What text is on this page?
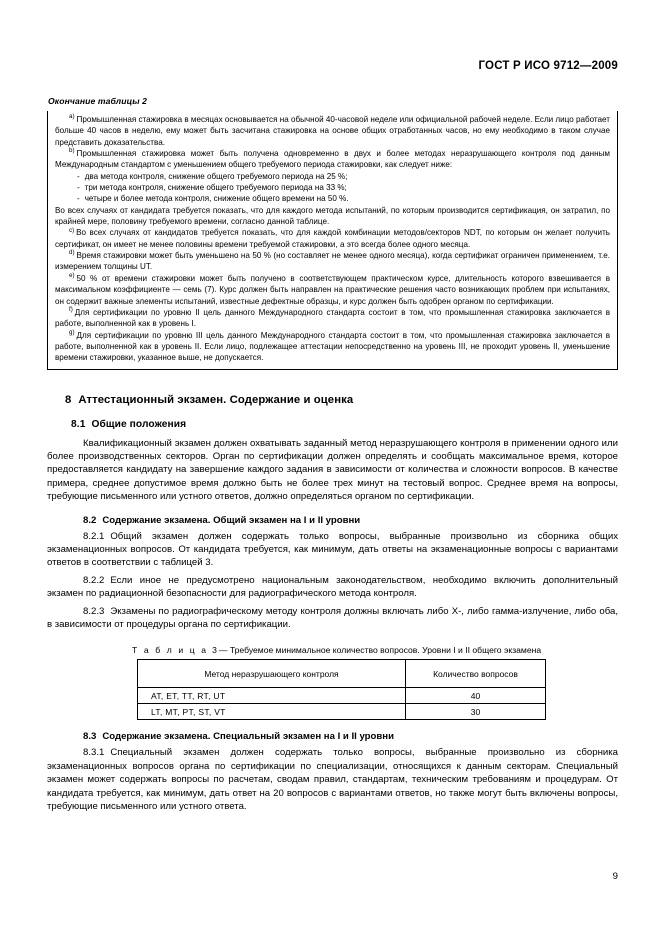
ГОСТ Р ИСО 9712—2009
Окончание таблицы 2

$^{a)}$ Промышленная стажировка в месяцах основывается на обычной 40-часовой неделе или официальной рабочей неделе. Если лицо работает больше 40 часов в неделю, ему может быть засчитана стажировка на основе общих отработанных часов, но ему необходимо в таком случае представить доказательства.

$^{b)}$ Промышленная стажировка может быть получена одновременно в двух и более методах неразрушающего контроля под данным Международным стандартом с уменьшением общего требуемого периода стажировки, как следует ниже:

- два метода контроля, снижение общего требуемого периода на 25 %;
- три метода контроля, снижение общего требуемого периода на 33 %;
- четыре и более метода контроля, снижение общего времени на 50 %.

Во всех случаях от кандидата требуется показать, что для каждого метода испытаний, по которым производится сертификация, он затратил, по крайней мере, половину требуемого времени, согласно данной таблице.

$^{c)}$ Во всех случаях от кандидатов требуется показать, что для каждой комбинации методов/секторов NDT, по которым он желает получить сертификат, он имеет не менее половины времени требуемой стажировки, а это всегда более одного месяца.

$^{d)}$ Время стажировки может быть уменьшено на 50 % (но составляет не менее одного месяца), когда сертификат ограничен применением, т.е. измерением толщины UT.

$^{e)}$ 50 % от времени стажировки может быть получено в соответствующем практическом курсе, длительность которого взвешивается в максимальном коэффициенте — семь (7). Курс должен быть направлен на практические решения часто возникающих проблем при испытаниях, он содержит важные элементы испытаний, известные дефектные образцы, и курс должен быть одобрен органом по сертификации.

$^{f)}$ Для сертификации по уровню II цель данного Международного стандарта состоит в том, что промышленная стажировка заключается в работе, выполненной как в уровень I.

$^{g)}$ Для сертификации по уровню III цель данного Международного стандарта состоит в том, что промышленная стажировка заключается в работе, выполненной как в уровень II. Если лицо, подлежащее аттестации непосредственно на уровень III, не проходит уровень II, уменьшение времени стажировки, указанное выше, не допускается.

8 Аттестационный экзамен. Содержание и оценка
8.1 Общие положения

Квалификационный экзамен должен охватывать заданный метод неразрушающего контроля в применении одного или более производственных секторов. Орган по сертификации должен определять и сообщать максимальное время, которое предоставляется кандидату на завершение каждого задания в зависимости от количества и сложности вопросов. В качестве примера, среднее допустимое время должно быть не более трех минут на тестовый вопрос. Среднее время на вопросы, требующие письменного или устного ответов, должно определяться органом по сертификации.

8.2 Содержание экзамена. Общий экзамен на I и II уровни

8.2.1 Общий экзамен должен содержать только вопросы, выбранные произвольно из сборника общих экзаменационных вопросов. От кандидата требуется, как минимум, дать ответы на экзаменационные вопросы с вариантами ответов в соответствии с таблицей 3.

8.2.2 Если иное не предусмотрено национальным законодательством, необходимо включить дополнительный экзамен по радиационной безопасности для радиографического метода контроля.

8.2.3 Экзамены по радиографическому методу контроля должны включать либо X-, либо гамма-излучение, либо оба, в зависимости от процедуры органа по сертификации.

Т а б л и ц а 3 — Требуемое минимальное количество вопросов. Уровни I и II общего экзамена
Метод неразрушающего контроля	Количество вопросов
AT, ET, TT, RT, UT	40
LT, MT, PT, ST, VT	30
8.3 Содержание экзамена. Специальный экзамен на I и II уровни

8.3.1 Специальный экзамен должен содержать только вопросы, выбранные произвольно из сборника экзаменационных вопросов органа по сертификации по специализации, относящихся к данным секторам. Специальный экзамен может содержать вопросы по расчетам, сводам правил, стандартам, техническим требованиям и процедурам. От кандидата требуется, как минимум, дать ответ на 20 вопросов с вариантами ответов, но также могут быть включены вопросы, требующие письменного или устного ответа.

9
